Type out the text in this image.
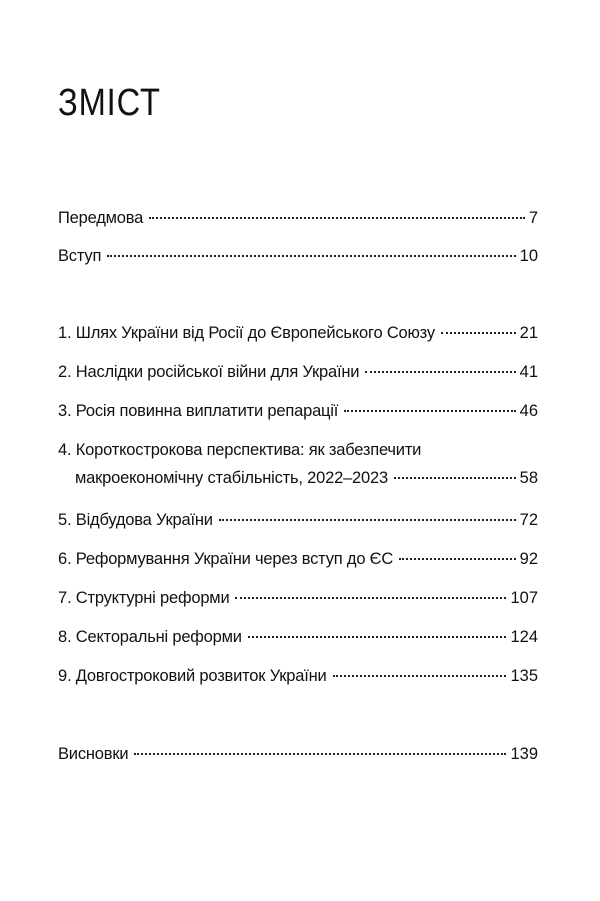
ЗМІСТ
Передмова	7
Вступ	10
1. Шлях України від Росії до Європейського Союзу	21
2. Наслідки російської війни для України	41
3. Росія повинна виплатити репарації	46
4. Короткострокова перспектива: як забезпечити
макроекономічну стабільність, 2022–2023	58
5. Відбудова України	72
6. Реформування України через вступ до ЄС	92
7. Структурні реформи	107
8. Секторальні реформи	124
9. Довгостроковий розвиток України	135
Висновки	139
